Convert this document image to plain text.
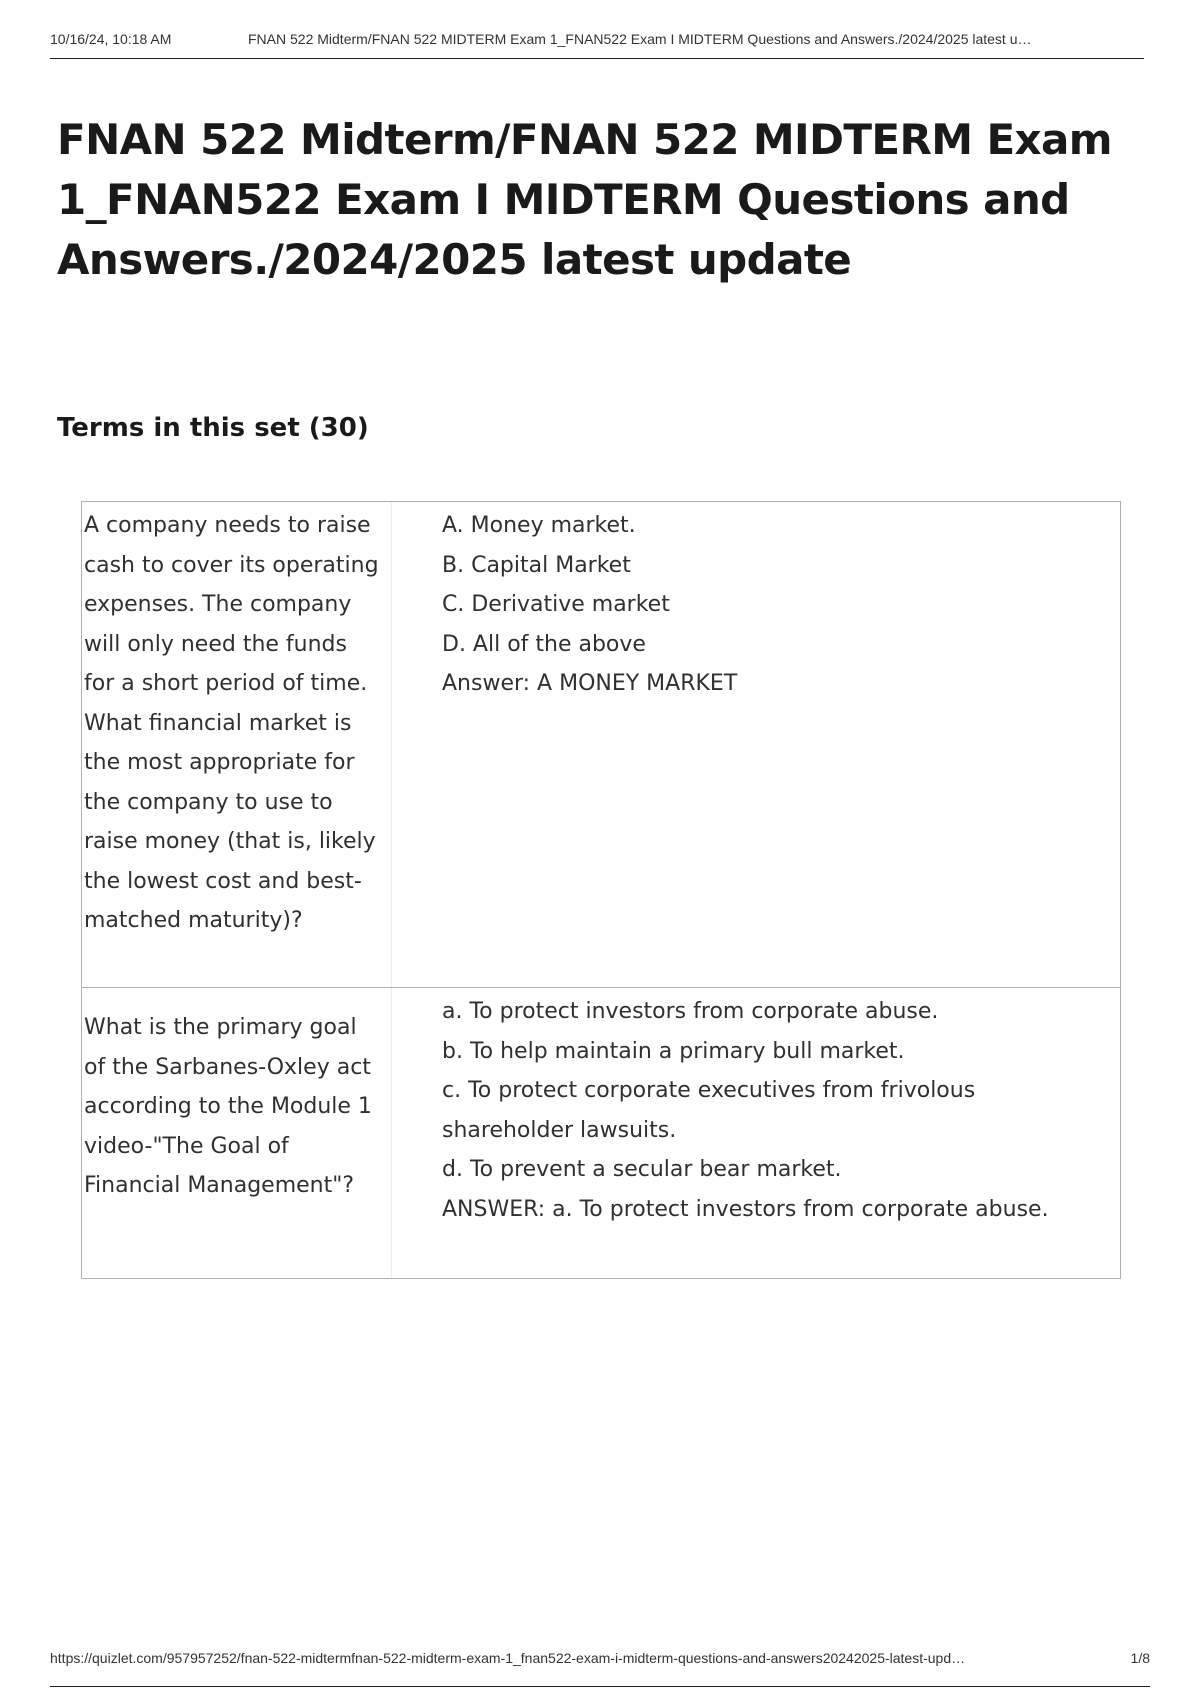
10/16/24, 10:18 AM	FNAN 522 Midterm/FNAN 522 MIDTERM Exam 1_FNAN522 Exam I MIDTERM Questions and Answers./2024/2025 latest u…
FNAN 522 Midterm/FNAN 522 MIDTERM Exam 1_FNAN522 Exam I MIDTERM Questions and Answers./2024/2025 latest update
Terms in this set (30)
A company needs to raise cash to cover its operating expenses. The company will only need the funds for a short period of time. What financial market is the most appropriate for the company to use to raise money (that is, likely the lowest cost and best-matched maturity)?
A. Money market.
B. Capital Market
C. Derivative market
D. All of the above
Answer: A MONEY MARKET
What is the primary goal of the Sarbanes-Oxley act according to the Module 1 video-"The Goal of Financial Management"?
a. To protect investors from corporate abuse.
b. To help maintain a primary bull market.
c. To protect corporate executives from frivolous shareholder lawsuits.
d. To prevent a secular bear market.
ANSWER: a. To protect investors from corporate abuse.
https://quizlet.com/957957252/fnan-522-midtermfnan-522-midterm-exam-1_fnan522-exam-i-midterm-questions-and-answers20242025-latest-upd…	1/8
